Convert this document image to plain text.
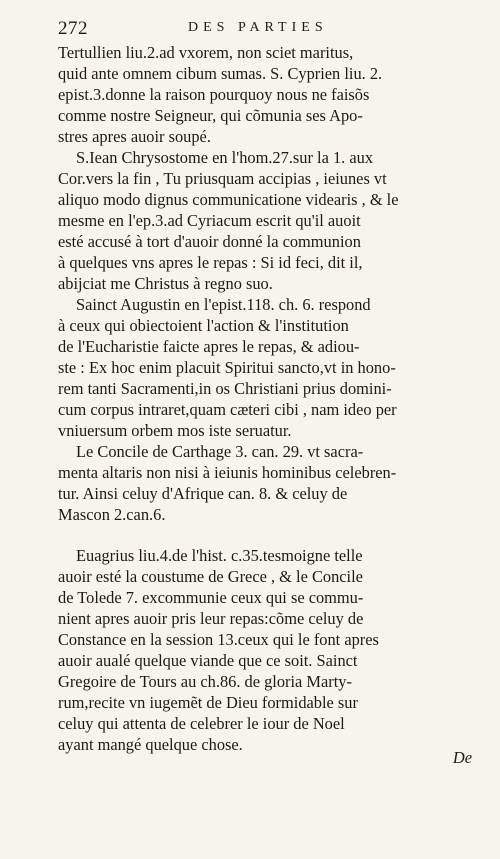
272	DES PARTIES

Tertullien liu.2.ad vxorem, non sciet maritus,
quid ante omnem cibum sumas. S. Cyprien liu. 2.
epist.3.donne la raison pourquoy nous ne faisõs
comme nostre Seigneur, qui cõmunia ses Apo-
stres apres auoir soupé.

S.Iean Chrysostome en l'hom.27.sur la 1. aux
Cor.vers la fin , Tu priusquam accipias , ieiunes vt
aliquo modo dignus communicatione videaris , & le
mesme en l'ep.3.ad Cyriacum escrit qu'il auoit
esté accusé à tort d'auoir donné la communion
à quelques vns apres le repas : Si id feci, dit il,
abijciat me Christus à regno suo.

Sainct Augustin en l'epist.118. ch. 6. respond
à ceux qui obiectoient l'action & l'institution
de l'Eucharistie faicte apres le repas, & adiou-
ste : Ex hoc enim placuit Spiritui sancto,vt in hono-
rem tanti Sacramenti,in os Christiani prius domini-
cum corpus intraret,quam cæteri cibi , nam ideo per
vniuersum orbem mos iste seruatur.

Le Concile de Carthage 3. can. 29. vt sacra-
menta altaris non nisi à ieiunis hominibus celebren-
tur. Ainsi celuy d'Afrique can. 8. & celuy de
Mascon 2.can.6.

Euagrius liu.4.de l'hist. c.35.tesmoigne telle
auoir esté la coustume de Grece , & le Concile
de Tolede 7. excommunie ceux qui se commu-
nient apres auoir pris leur repas:cõme celuy de
Constance en la session 13.ceux qui le font apres
auoir aualé quelque viande que ce soit. Sainct
Gregoire de Tours au ch.86. de gloria Marty-
rum,recite vn iugemẽt de Dieu formidable sur
celuy qui attenta de celebrer le iour de Noel
ayant mangé quelque chose.

De
